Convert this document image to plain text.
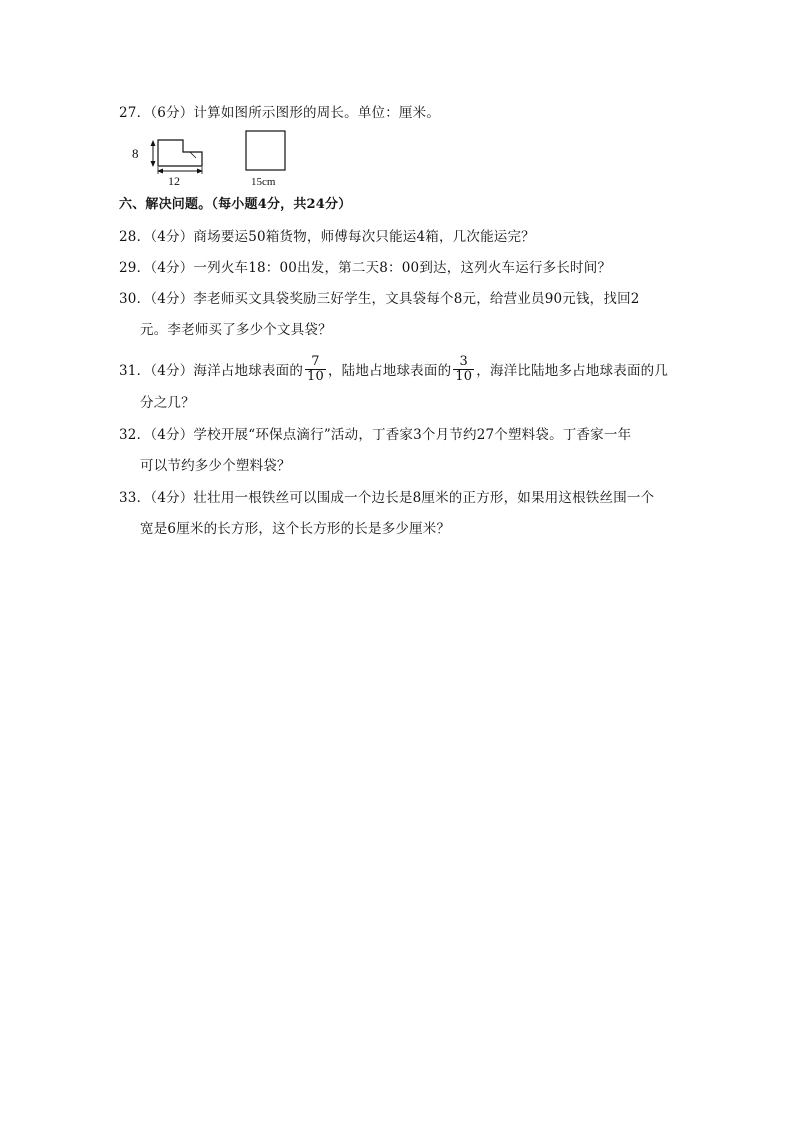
27．（6分）计算如图所示图形的周长。单位：厘米。
8
12	15cm
六、解决问题。（每小题4分，共24分）
28．（4分）商场要运50箱货物，师傅每次只能运4箱，几次能运完？
29．（4分）一列火车18：00出发，第二天8：00到达，这列火车运行多长时间？
30．（4分）李老师买文具袋奖励三好学生，文具袋每个8元，给营业员90元钱，找回2
元。李老师买了多少个文具袋？
31．（4分）海洋占地球表面的 $\frac{7}{10}$ ，陆地占地球表面的 $\frac{3}{10}$ ，海洋比陆地多占地球表面的几
分之几？
32．（4分）学校开展“环保点滴行”活动，丁香家3个月节约27个塑料袋。丁香家一年
可以节约多少个塑料袋？
33．（4分）壮壮用一根铁丝可以围成一个边长是8厘米的正方形，如果用这根铁丝围一个
宽是6厘米的长方形，这个长方形的长是多少厘米？
